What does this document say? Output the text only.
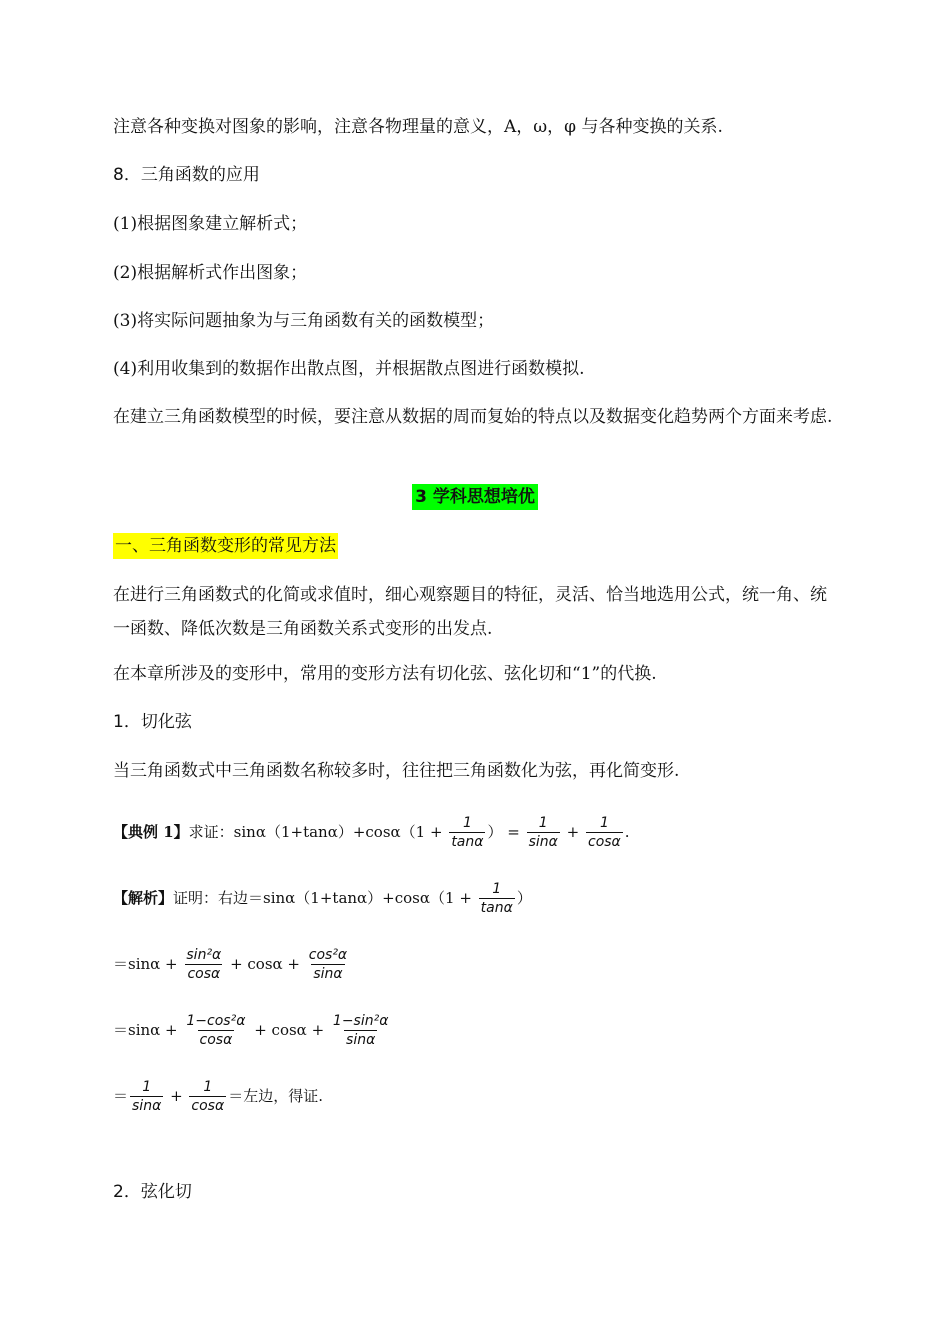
注意各种变换对图象的影响，注意各物理量的意义，A，ω，φ 与各种变换的关系.
8．三角函数的应用
(1)根据图象建立解析式；
(2)根据解析式作出图象；
(3)将实际问题抽象为与三角函数有关的函数模型；
(4)利用收集到的数据作出散点图，并根据散点图进行函数模拟.
在建立三角函数模型的时候，要注意从数据的周而复始的特点以及数据变化趋势两个方面来考虑.
3 学科思想培优
一、三角函数变形的常见方法
在进行三角函数式的化简或求值时，细心观察题目的特征，灵活、恰当地选用公式，统一角、统一函数、降低次数是三角函数关系式变形的出发点.
在本章所涉及的变形中，常用的变形方法有切化弦、弦化切和“1”的代换.
1．切化弦
当三角函数式中三角函数名称较多时，往往把三角函数化为弦，再化简变形.
【典例 1】 求证：$\sin\alpha(1+\tan\alpha)+\cos\alpha(1 + \frac{1}{\tan\alpha}$ ） = $\frac{1}{\sin\alpha} + \frac{1}{\cos\alpha}$ .
【解析】 证明：右边$=\sin\alpha(1+\tan\alpha)+\cos\alpha(1 + \frac{1}{\tan\alpha}$ ）
$=\sin\alpha + \frac{\text{sin²α}}{\cos\alpha} + \cos\alpha + \frac{\text{cos²α}}{\sin\alpha}$
$=\sin\alpha + \frac{\text{1−cos²α}}{\cos\alpha} + \cos\alpha + \frac{\text{1−sin²α}}{\sin\alpha}$
＝ $\frac{1}{\sin\alpha} + \frac{1}{\cos\alpha}$ ＝左边，得证.
2．弦化切
